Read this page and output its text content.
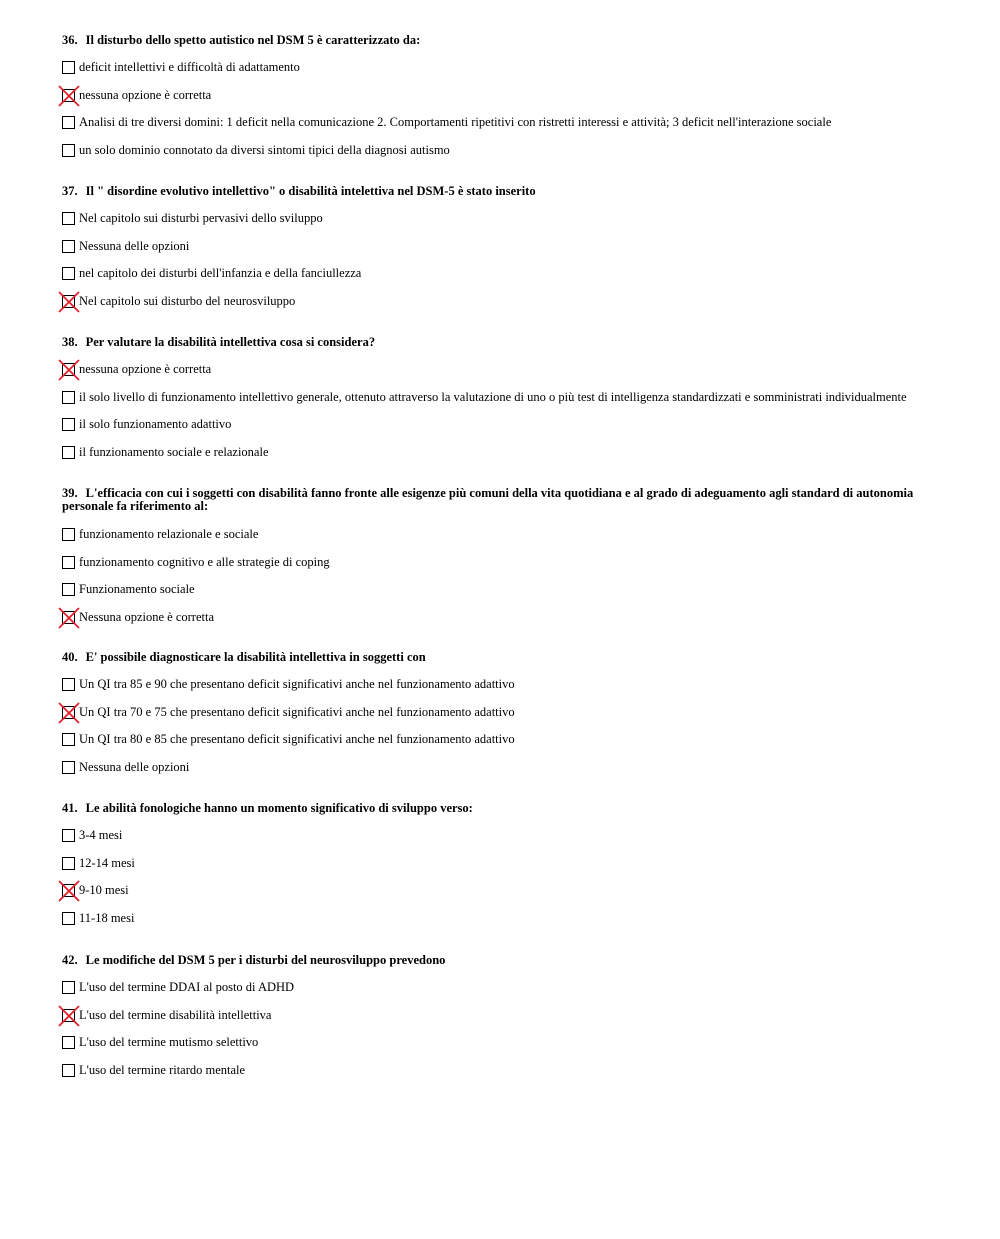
36. Il disturbo dello spetto autistico nel DSM 5 è caratterizzato da:
deficit intellettivi e difficoltà di adattamento
nessuna opzione è corretta
Analisi di tre diversi domini: 1 deficit nella comunicazione 2. Comportamenti ripetitivi con ristretti interessi e attività; 3 deficit nell'interazione sociale
un solo dominio connotato da diversi sintomi tipici della diagnosi autismo
37. Il " disordine evolutivo intellettivo" o disabilità intelettiva nel DSM-5 è stato inserito
Nel capitolo sui disturbi pervasivi dello sviluppo
Nessuna delle opzioni
nel capitolo dei disturbi dell'infanzia e della fanciullezza
Nel capitolo sui disturbo del neurosviluppo
38. Per valutare la disabilità intellettiva cosa si considera?
nessuna opzione è corretta
il solo livello di funzionamento intellettivo generale, ottenuto attraverso la valutazione di uno o più test di intelligenza standardizzati e somministrati individualmente
il solo funzionamento adattivo
il funzionamento sociale e relazionale
39. L'efficacia con cui i soggetti con disabilità fanno fronte alle esigenze più comuni della vita quotidiana e al grado di adeguamento agli standard di autonomia personale fa riferimento al:
funzionamento relazionale e sociale
funzionamento cognitivo e alle strategie di coping
Funzionamento sociale
Nessuna opzione è corretta
40. E' possibile diagnosticare la disabilità intellettiva in soggetti con
Un QI tra 85 e 90 che presentano deficit significativi anche nel funzionamento adattivo
Un QI tra 70 e 75 che presentano deficit significativi anche nel funzionamento adattivo
Un QI tra 80 e 85 che presentano deficit significativi anche nel funzionamento adattivo
Nessuna delle opzioni
41. Le abilità fonologiche hanno un momento significativo di sviluppo verso:
3-4 mesi
12-14 mesi
9-10 mesi
11-18 mesi
42. Le modifiche del DSM 5 per i disturbi del neurosviluppo prevedono
L'uso del termine DDAI al posto di ADHD
L'uso del termine disabilità intellettiva
L'uso del termine mutismo selettivo
L'uso del termine ritardo mentale
